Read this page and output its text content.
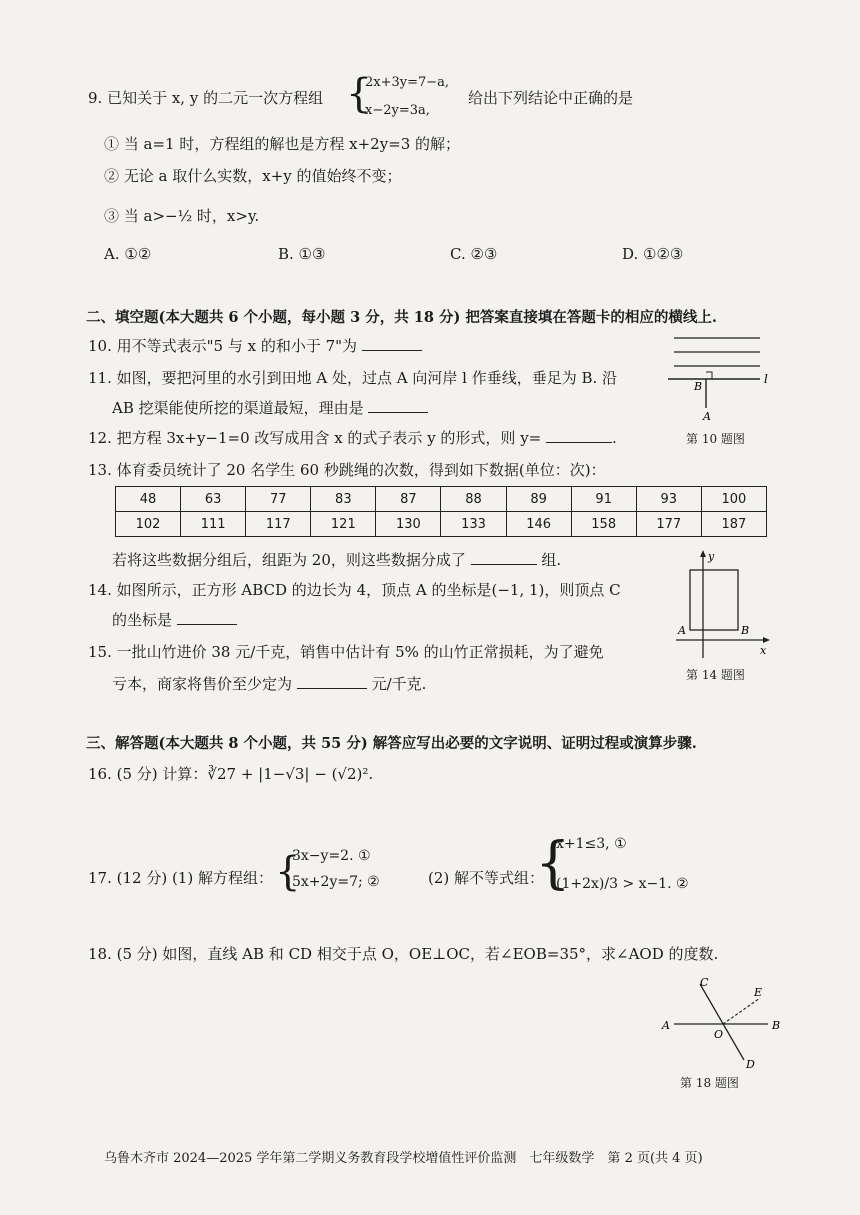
9. 已知关于 x, y 的二元一次方程组 {
2x+3y=7−a,
x−2y=3a,
给出下列结论中正确的是
① 当 a=1 时，方程组的解也是方程 x+2y=3 的解；
② 无论 a 取什么实数，x+y 的值始终不变；
③ 当 a>−½ 时，x>y.
A. ①②	B. ①③	C. ②③	D. ①②③
二、填空题(本大题共 6 个小题，每小题 3 分，共 18 分) 把答案直接填在答题卡的相应的横线上.
10. 用不等式表示"5 与 x 的和小于 7"为
11. 如图，要把河里的水引到田地 A 处，过点 A 向河岸 l 作垂线，垂足为 B. 沿
AB 挖渠能使所挖的渠道最短，理由是
12. 把方程 3x+y−1=0 改写成用含 x 的式子表示 y 的形式，则 y=	.
13. 体育委员统计了 20 名学生 60 秒跳绳的次数，得到如下数据(单位：次)：
48	63	77	83	87	88	89	91	93	100
102	111	117	121	130	133	146	158	177	187
若将这些数据分组后，组距为 20，则这些数据分成了	组.
14. 如图所示，正方形 ABCD 的边长为 4，顶点 A 的坐标是(−1, 1)，则顶点 C
的坐标是
15. 一批山竹进价 38 元/千克，销售中估计有 5% 的山竹正常损耗，为了避免
亏本，商家将售价至少定为	元/千克.
三、解答题(本大题共 8 个小题，共 55 分) 解答应写出必要的文字说明、证明过程或演算步骤.
16. (5 分) 计算：∛27 + |1−√3| − (√2)².
17. (12 分) (1) 解方程组： {
3x−y=2. ①
5x+2y=7; ②	(2) 解不等式组：
{
x+1≤3, ①
(1+2x)/3 > x−1. ②
18. (5 分) 如图，直线 AB 和 CD 相交于点 O，OE⊥OC，若∠EOB=35°，求∠AOD 的度数.
B
l
A
第 10 题图
y
A	B
x
第 14 题图
C
E
A
O
B
D
第 18 题图
乌鲁木齐市 2024—2025 学年第二学期义务教育段学校增值性评价监测　七年级数学　第 2 页(共 4 页)
